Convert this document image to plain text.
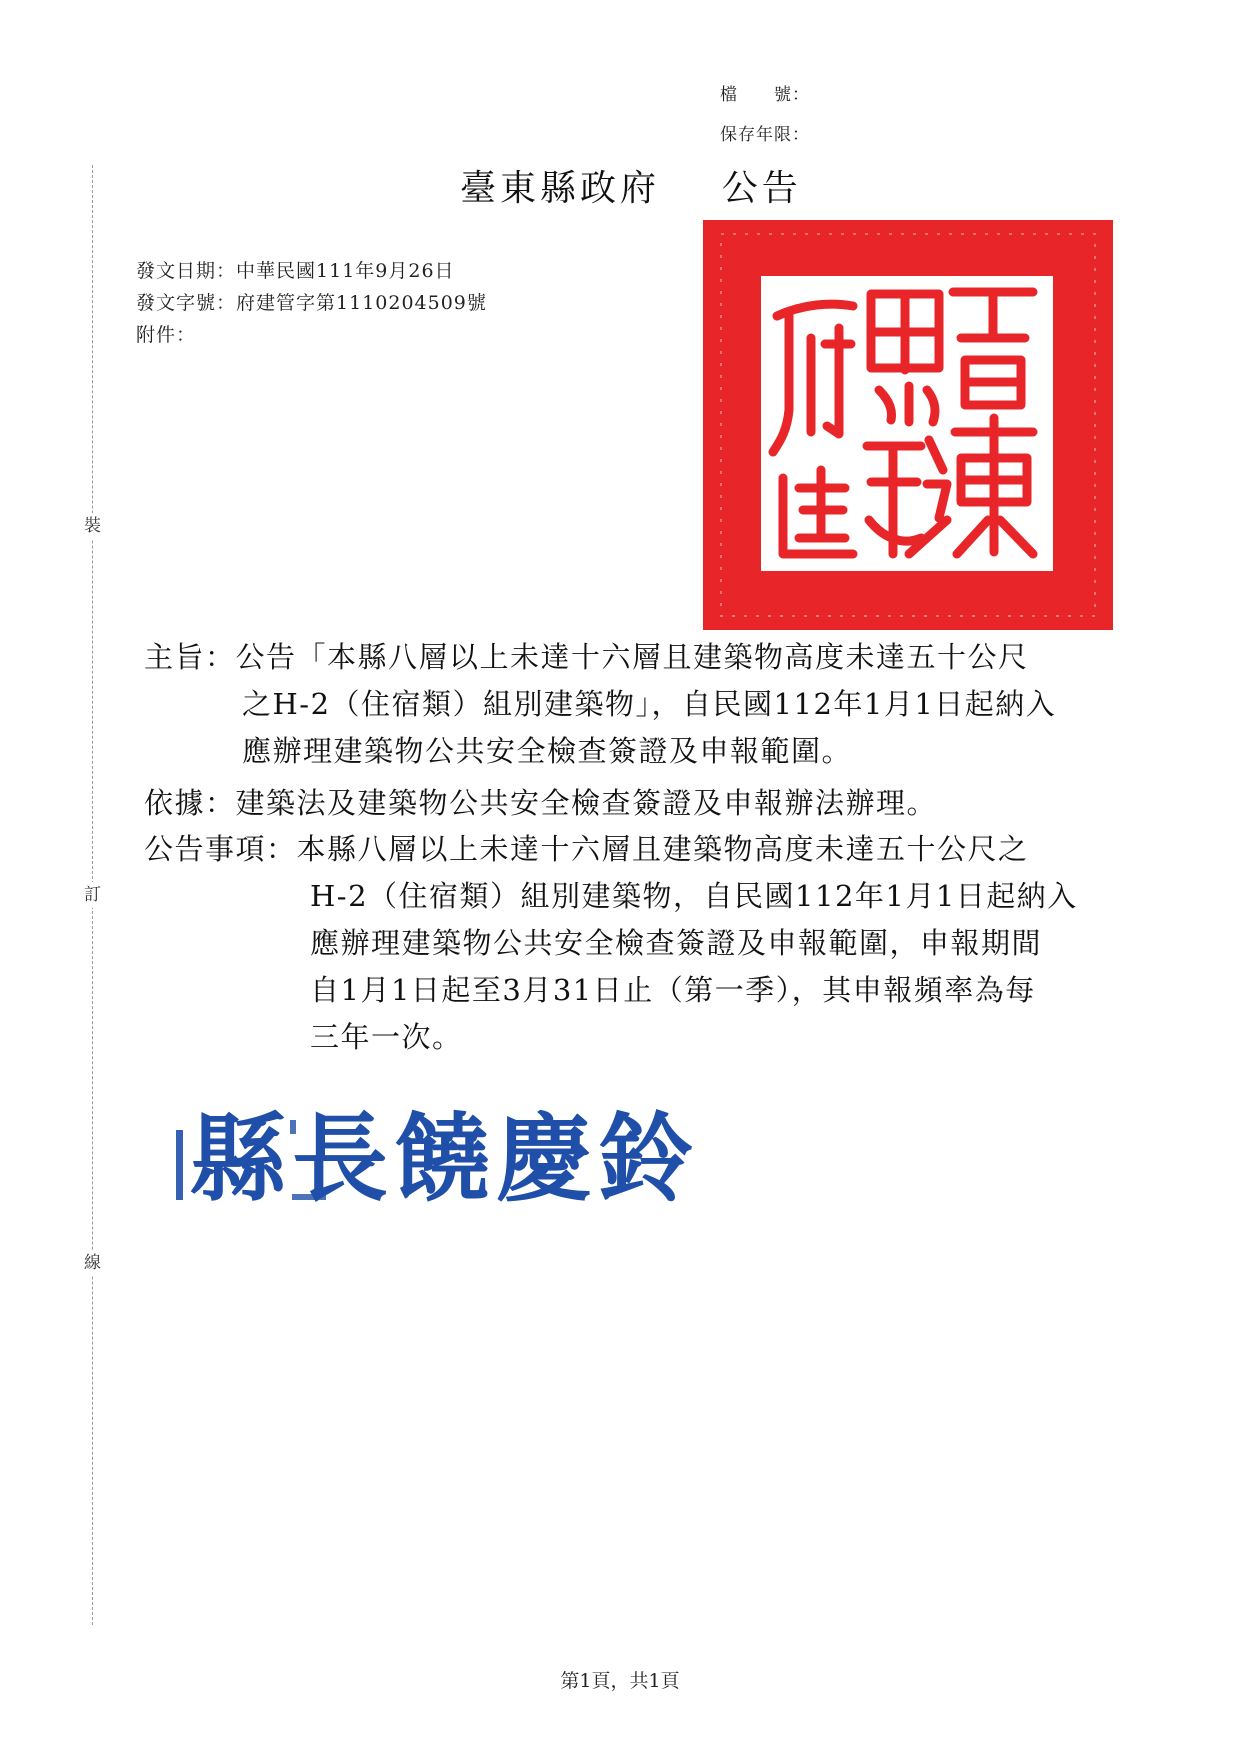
裝
訂
線
檔　　號：
保存年限：
臺東縣政府 公告
發文日期：中華民國111年9月26日
發文字號：府建管字第1110204509號
附件：
主旨：公告「本縣八層以上未達十六層且建築物高度未達五十公尺
之H-2（住宿類）組別建築物」，自民國112年1月1日起納入
應辦理建築物公共安全檢查簽證及申報範圍。
依據：建築法及建築物公共安全檢查簽證及申報辦法辦理。
公告事項：本縣八層以上未達十六層且建築物高度未達五十公尺之
H-2（住宿類）組別建築物，自民國112年1月1日起納入
應辦理建築物公共安全檢查簽證及申報範圍，申報期間
自1月1日起至3月31日止（第一季），其申報頻率為每
三年一次。
縣長饒慶鈴
第1頁，共1頁
